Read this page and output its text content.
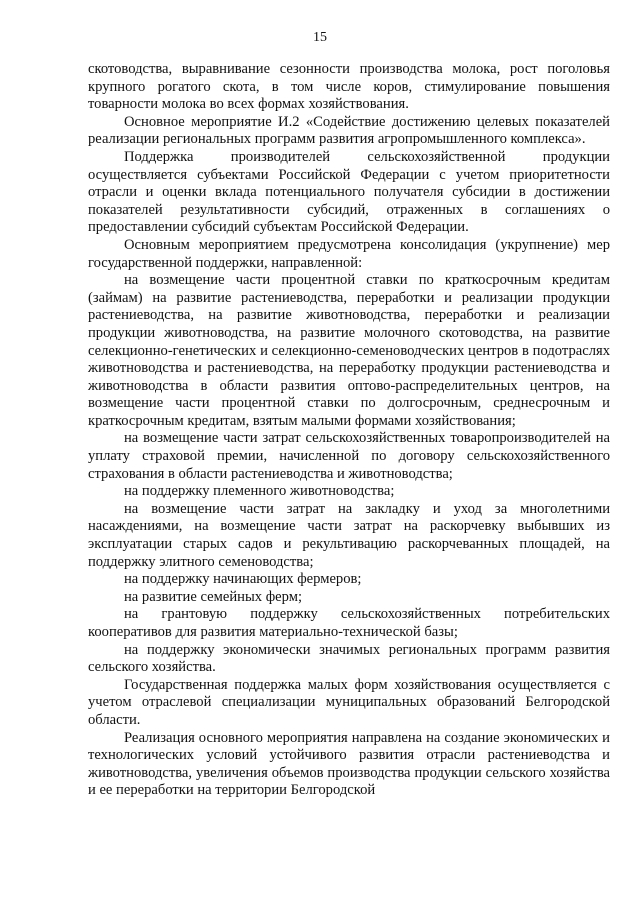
15

скотоводства, выравнивание сезонности производства молока, рост поголовья крупного рогатого скота, в том числе коров, стимулирование повышения товарности молока во всех формах хозяйствования.

Основное мероприятие И.2 «Содействие достижению целевых показателей реализации региональных программ развития агропромышленного комплекса».

Поддержка производителей сельскохозяйственной продукции осуществляется субъектами Российской Федерации с учетом приоритетности отрасли и оценки вклада потенциального получателя субсидии в достижении показателей результативности субсидий, отраженных в соглашениях о предоставлении субсидий субъектам Российской Федерации.

Основным мероприятием предусмотрена консолидация (укрупнение) мер государственной поддержки, направленной:

на возмещение части процентной ставки по краткосрочным кредитам (займам) на развитие растениеводства, переработки и реализации продукции растениеводства, на развитие животноводства, переработки и реализации продукции животноводства, на развитие молочного скотоводства, на развитие селекционно-генетических и селекционно-семеноводческих центров в подотраслях животноводства и растениеводства, на переработку продукции растениеводства и животноводства в области развития оптово-распределительных центров, на возмещение части процентной ставки по долгосрочным, среднесрочным и краткосрочным кредитам, взятым малыми формами хозяйствования;

на возмещение части затрат сельскохозяйственных товаропроизводителей на уплату страховой премии, начисленной по договору сельскохозяйственного страхования в области растениеводства и животноводства;

на поддержку племенного животноводства;

на возмещение части затрат на закладку и уход за многолетними насаждениями, на возмещение части затрат на раскорчевку выбывших из эксплуатации старых садов и рекультивацию раскорчеванных площадей, на поддержку элитного семеноводства;

на поддержку начинающих фермеров;

на развитие семейных ферм;

на грантовую поддержку сельскохозяйственных потребительских кооперативов для развития материально-технической базы;

на поддержку экономически значимых региональных программ развития сельского хозяйства.

Государственная поддержка малых форм хозяйствования осуществляется с учетом отраслевой специализации муниципальных образований Белгородской области.

Реализация основного мероприятия направлена на создание экономических и технологических условий устойчивого развития отрасли растениеводства и животноводства, увеличения объемов производства продукции сельского хозяйства и ее переработки на территории Белгородской
